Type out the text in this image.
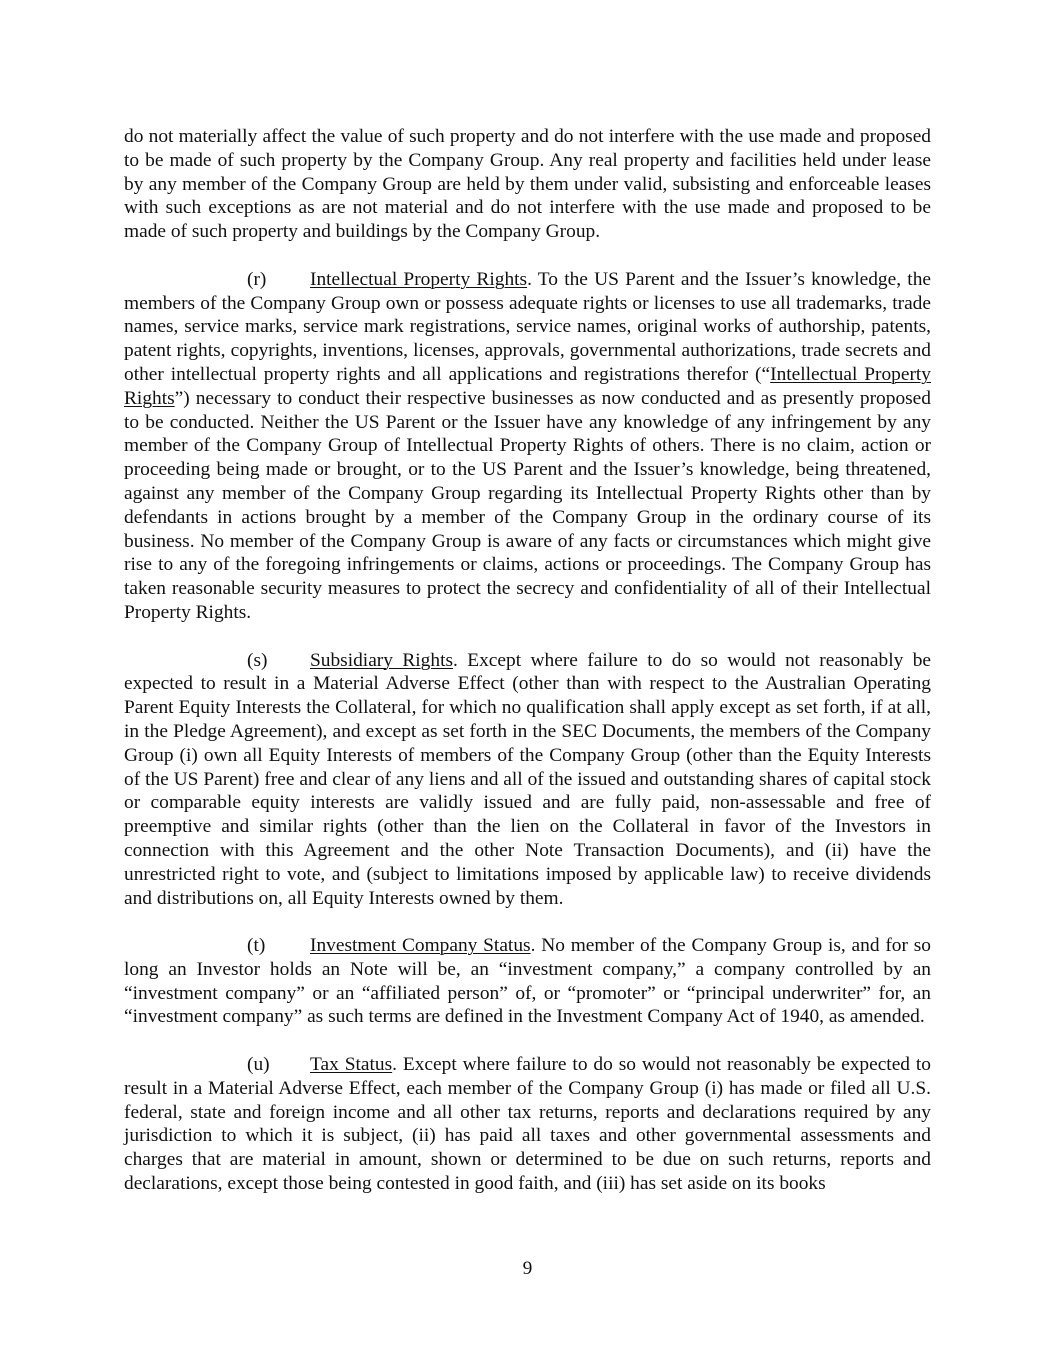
do not materially affect the value of such property and do not interfere with the use made and proposed to be made of such property by the Company Group. Any real property and facilities held under lease by any member of the Company Group are held by them under valid, subsisting and enforceable leases with such exceptions as are not material and do not interfere with the use made and proposed to be made of such property and buildings by the Company Group.

(r) Intellectual Property Rights. To the US Parent and the Issuer’s knowledge, the members of the Company Group own or possess adequate rights or licenses to use all trademarks, trade names, service marks, service mark registrations, service names, original works of authorship, patents, patent rights, copyrights, inventions, licenses, approvals, governmental authorizations, trade secrets and other intellectual property rights and all applications and registrations therefor (“Intellectual Property Rights”) necessary to conduct their respective businesses as now conducted and as presently proposed to be conducted. Neither the US Parent or the Issuer have any knowledge of any infringement by any member of the Company Group of Intellectual Property Rights of others. There is no claim, action or proceeding being made or brought, or to the US Parent and the Issuer’s knowledge, being threatened, against any member of the Company Group regarding its Intellectual Property Rights other than by defendants in actions brought by a member of the Company Group in the ordinary course of its business. No member of the Company Group is aware of any facts or circumstances which might give rise to any of the foregoing infringements or claims, actions or proceedings. The Company Group has taken reasonable security measures to protect the secrecy and confidentiality of all of their Intellectual Property Rights.

(s) Subsidiary Rights. Except where failure to do so would not reasonably be expected to result in a Material Adverse Effect (other than with respect to the Australian Operating Parent Equity Interests the Collateral, for which no qualification shall apply except as set forth, if at all, in the Pledge Agreement), and except as set forth in the SEC Documents, the members of the Company Group (i) own all Equity Interests of members of the Company Group (other than the Equity Interests of the US Parent) free and clear of any liens and all of the issued and outstanding shares of capital stock or comparable equity interests are validly issued and are fully paid, non-assessable and free of preemptive and similar rights (other than the lien on the Collateral in favor of the Investors in connection with this Agreement and the other Note Transaction Documents), and (ii) have the unrestricted right to vote, and (subject to limitations imposed by applicable law) to receive dividends and distributions on, all Equity Interests owned by them.

(t) Investment Company Status. No member of the Company Group is, and for so long an Investor holds an Note will be, an “investment company,” a company controlled by an “investment company” or an “affiliated person” of, or “promoter” or “principal underwriter” for, an “investment company” as such terms are defined in the Investment Company Act of 1940, as amended.

(u) Tax Status. Except where failure to do so would not reasonably be expected to result in a Material Adverse Effect, each member of the Company Group (i) has made or filed all U.S. federal, state and foreign income and all other tax returns, reports and declarations required by any jurisdiction to which it is subject, (ii) has paid all taxes and other governmental assessments and charges that are material in amount, shown or determined to be due on such returns, reports and declarations, except those being contested in good faith, and (iii) has set aside on its books

9
